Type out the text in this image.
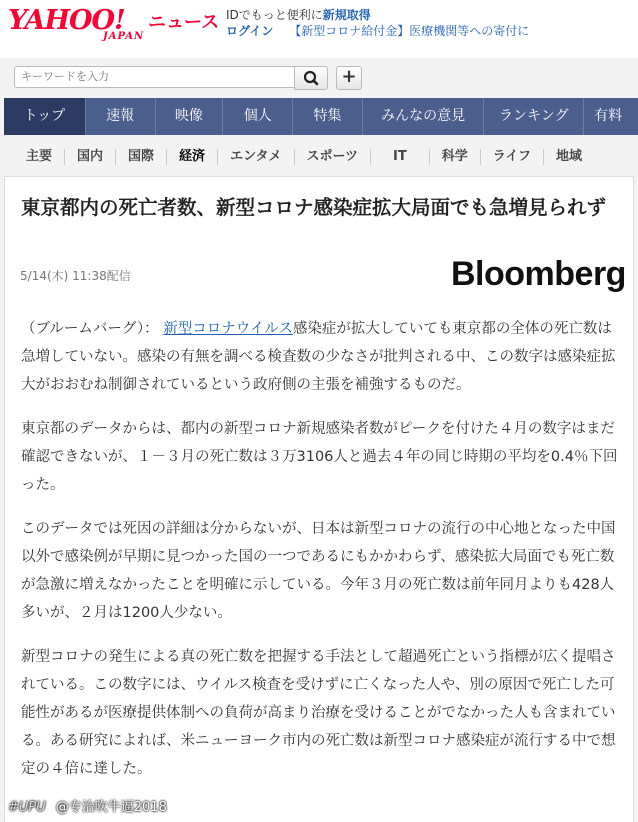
YAHOO!
JAPAN
ニュース IDでもっと便利に新規取得
ログイン 【新型コロナ給付金】医療機関等への寄付に
キーワードを入力
+
トップ	速報	映像	個人	特集	みんなの意見	ランキング	有料
主要	国内	国際	経済	エンタメ	スポーツ	IT	科学	ライフ	地域
東京都内の死亡者数、新型コロナ感染症拡大局面でも急増見られず
5/14(木) 11:38配信	Bloomberg

（ブルームバーグ）： 新型コロナウイルス感染症が拡大していても東京都の全体の死亡数は急増していない。感染の有無を調べる検査数の少なさが批判される中、この数字は感染症拡大がおおむね制御されているという政府側の主張を補強するものだ。

東京都のデータからは、都内の新型コロナ新規感染者数がピークを付けた４月の数字はまだ確認できないが、１－３月の死亡数は３万3106人と過去４年の同じ時期の平均を0.4％下回った。

このデータでは死因の詳細は分からないが、日本は新型コロナの流行の中心地となった中国以外で感染例が早期に見つかった国の一つであるにもかかわらず、感染拡大局面でも死亡数が急激に増えなかったことを明確に示している。今年３月の死亡数は前年同月よりも428人多いが、２月は1200人少ない。

新型コロナの発生による真の死亡数を把握する手法として超過死亡という指標が広く提唱されている。この数字には、ウイルス検査を受けずに亡くなった人や、別の原因で死亡した可能性があるが医療提供体制への負荷が高まり治療を受けることがでなかった人も含まれている。ある研究によれば、米ニューヨーク市内の死亡数は新型コロナ感染症が流行する中で想定の４倍に達した。

#UPU @专治吹牛逼2018
